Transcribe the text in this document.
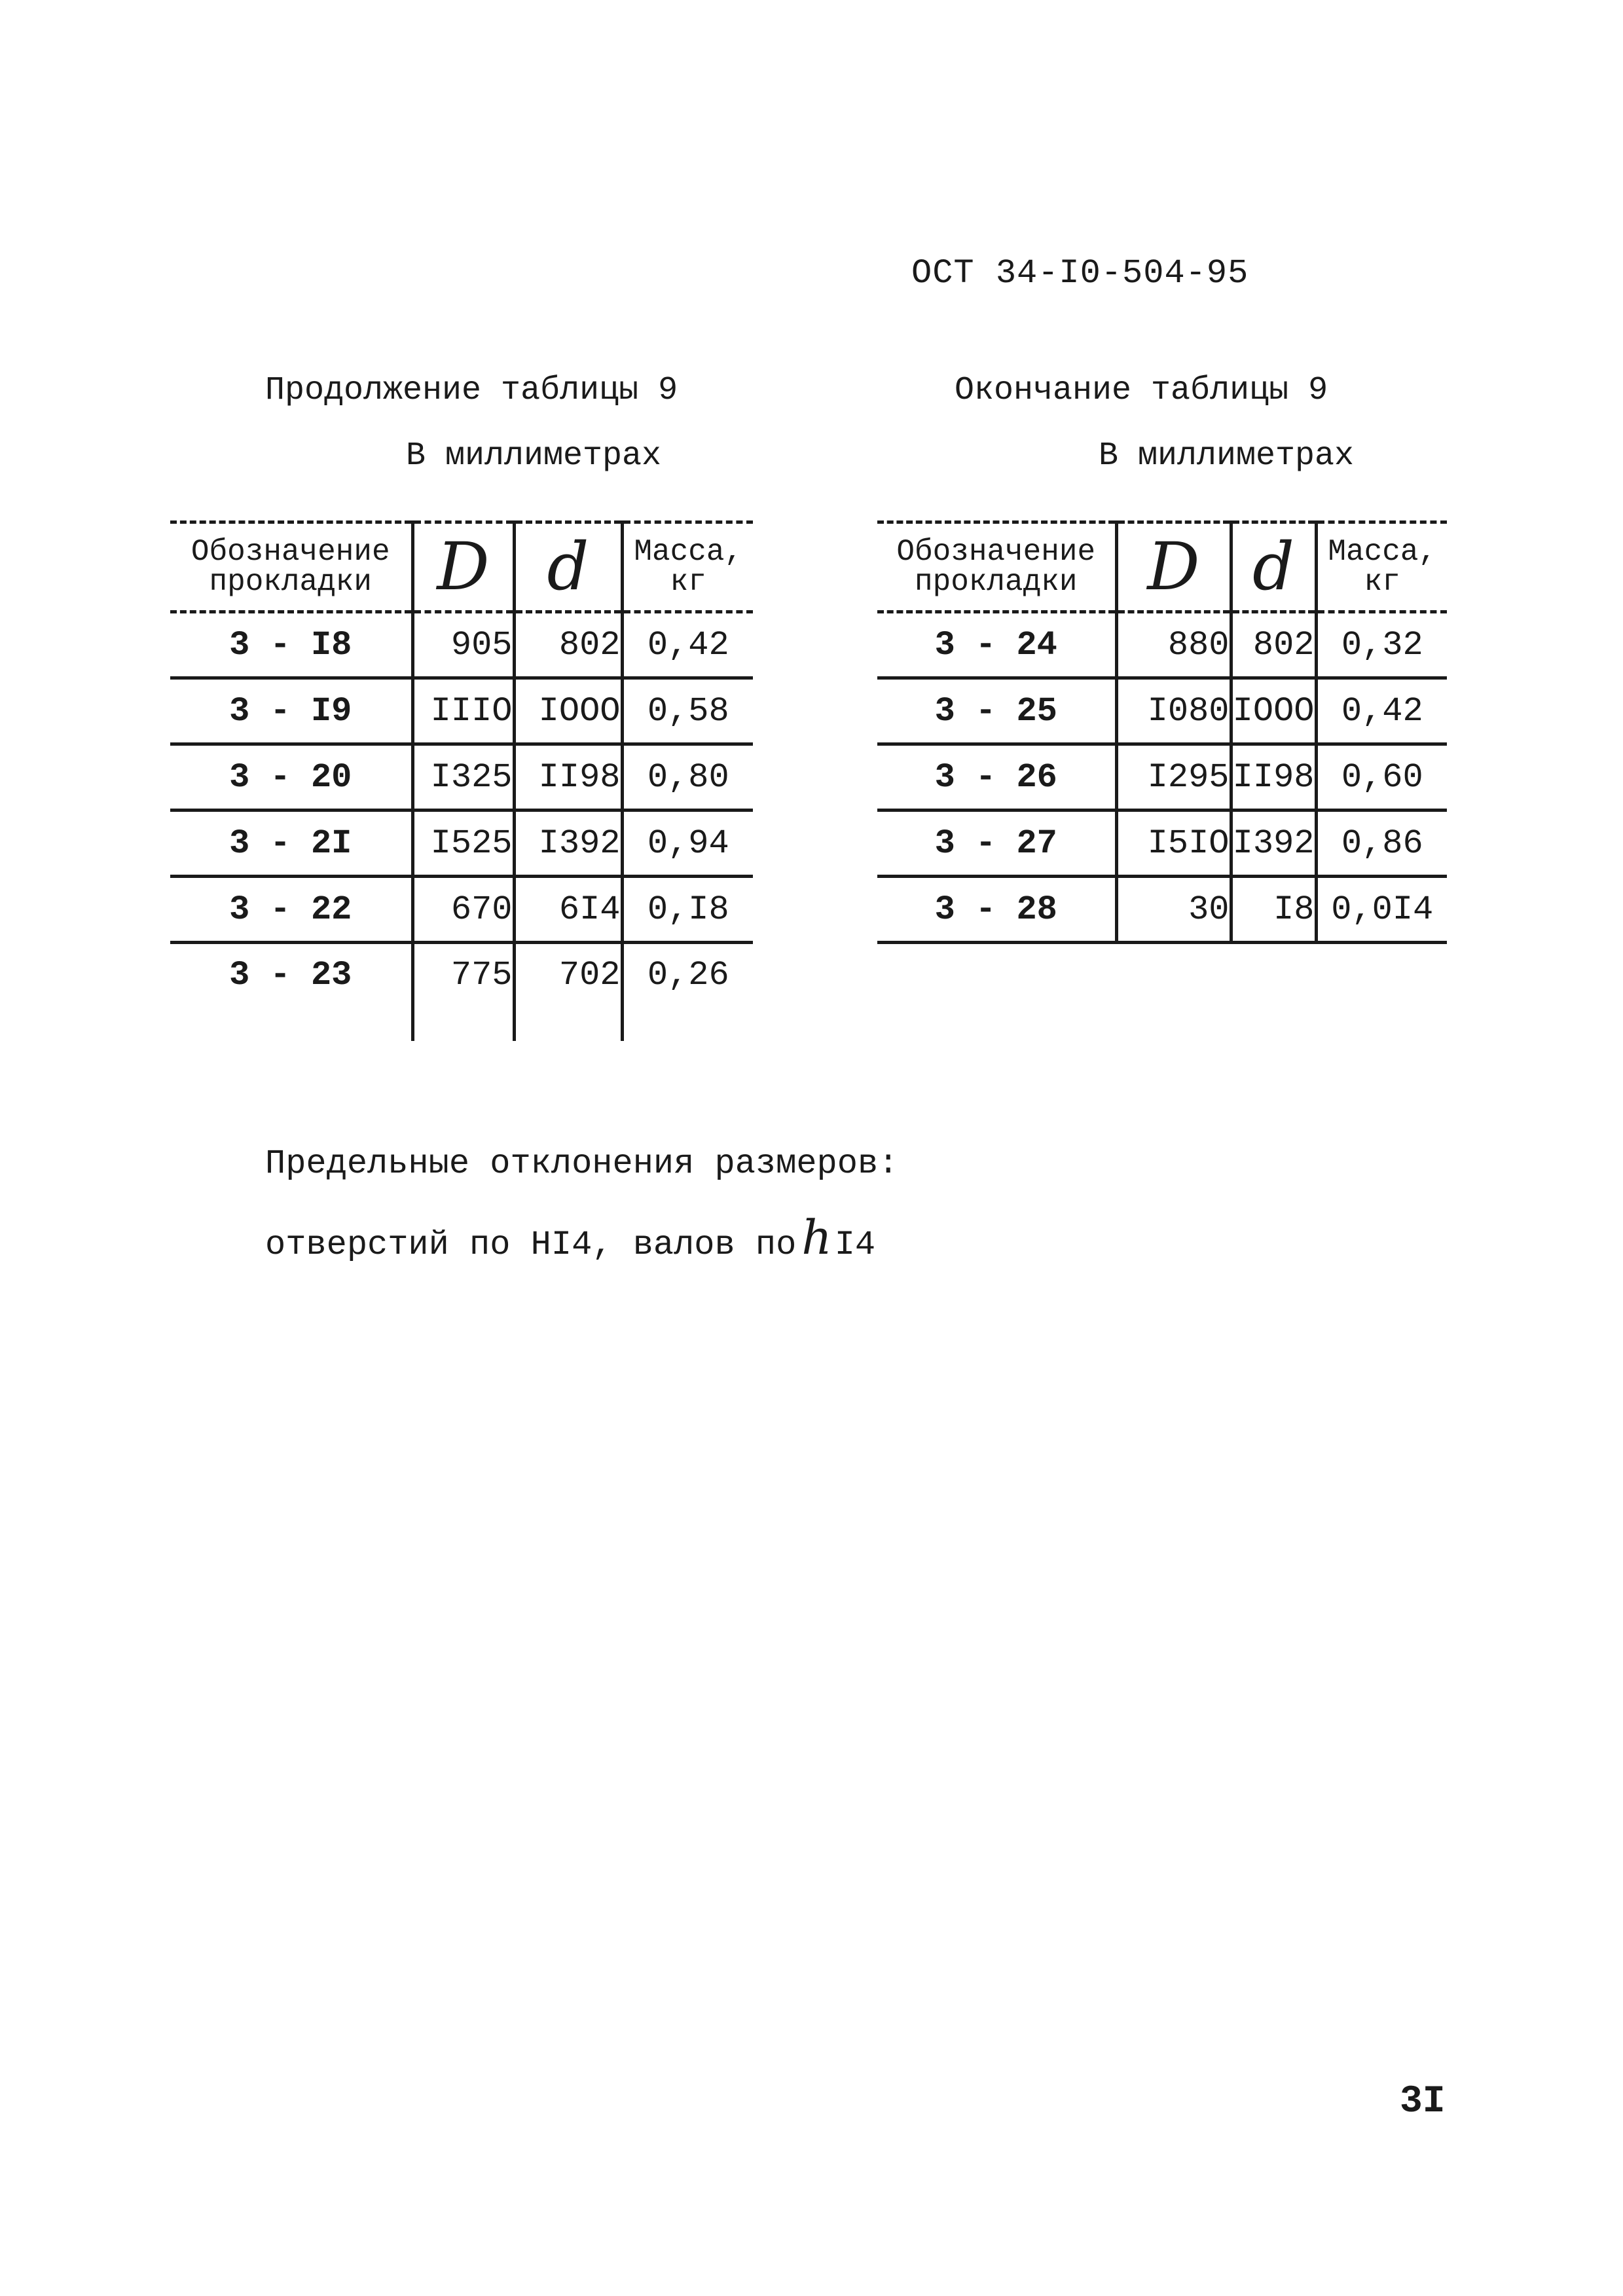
ОСТ 34-I0-504-95
Продолжение таблицы 9
В миллиметрах
Окончание таблицы 9
В миллиметрах
Обозначение прокладки	D	d	Масса, кг
3 - I8	905	802	0,42
3 - I9	IIIO	IOOO	0,58
3 - 20	I325	II98	0,80
3 - 2I	I525	I392	0,94
3 - 22	670	6I4	0,I8
3 - 23	775	702	0,26
Обозначение прокладки	D	d	Масса, кг
3 - 24	880	802	0,32
3 - 25	I080	IOOO	0,42
3 - 26	I295	II98	0,60
3 - 27	I5IO	I392	0,86
3 - 28	30	I8	0,0I4
Предельные отклонения размеров:
отверстий по HI4, валов по hI4
3I
